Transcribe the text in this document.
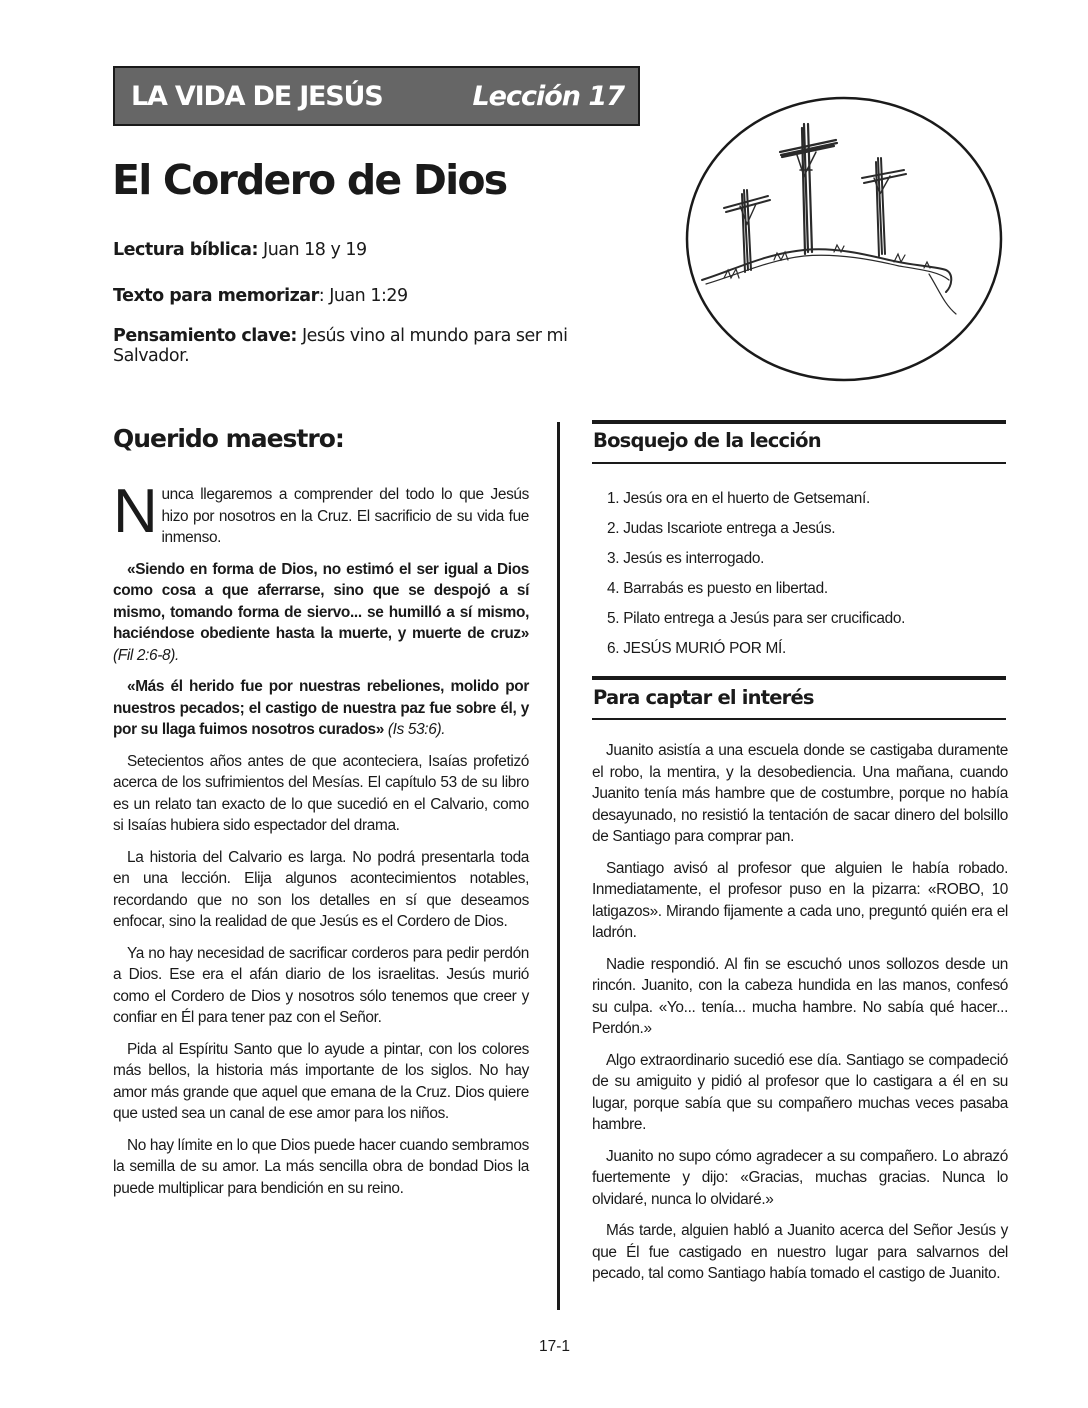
LA VIDA DE JESÚS	Lección 17
El Cordero de Dios

Lectura bíblica: Juan 18 y 19

Texto para memorizar: Juan 1:29

Pensamiento clave: Jesús vino al mundo para ser mi Salvador.

Querido maestro:

Nunca llegaremos a comprender del todo lo que Jesús hizo por nosotros en la Cruz. El sacrificio de su vida fue inmenso.

«Siendo en forma de Dios, no estimó el ser igual a Dios como cosa a que aferrarse, sino que se despojó a sí mismo, tomando forma de siervo... se humilló a sí mismo, haciéndose obediente hasta la muerte, y muerte de cruz» (Fil 2:6-8).

«Más él herido fue por nuestras rebeliones, molido por nuestros pecados; el castigo de nuestra paz fue sobre él, y por su llaga fuimos nosotros curados» (Is 53:6).

Setecientos años antes de que aconteciera, Isaías profetizó acerca de los sufrimientos del Mesías. El capítulo 53 de su libro es un relato tan exacto de lo que sucedió en el Calvario, como si Isaías hubiera sido espectador del drama.

La historia del Calvario es larga. No podrá presentarla toda en una lección. Elija algunos acontecimientos notables, recordando que no son los detalles en sí que deseamos enfocar, sino la realidad de que Jesús es el Cordero de Dios.

Ya no hay necesidad de sacrificar corderos para pedir perdón a Dios. Ese era el afán diario de los israelitas. Jesús murió como el Cordero de Dios y nosotros sólo tenemos que creer y confiar en Él para tener paz con el Señor.

Pida al Espíritu Santo que lo ayude a pintar, con los colores más bellos, la historia más importante de los siglos. No hay amor más grande que aquel que emana de la Cruz. Dios quiere que usted sea un canal de ese amor para los niños.

No hay límite en lo que Dios puede hacer cuando sembramos la semilla de su amor. La más sencilla obra de bondad Dios la puede multiplicar para bendición en su reino.

Bosquejo de la lección
1. Jesús ora en el huerto de Getsemaní.
2. Judas Iscariote entrega a Jesús.
3. Jesús es interrogado.
4. Barrabás es puesto en libertad.
5. Pilato entrega a Jesús para ser crucificado.
6. JESÚS MURIÓ POR MÍ.
Para captar el interés

Juanito asistía a una escuela donde se castigaba duramente el robo, la mentira, y la desobediencia. Una mañana, cuando Juanito tenía más hambre que de costumbre, porque no había desayunado, no resistió la tentación de sacar dinero del bolsillo de Santiago para comprar pan.

Santiago avisó al profesor que alguien le había robado. Inmediatamente, el profesor puso en la pizarra: «ROBO, 10 latigazos». Mirando fijamente a cada uno, preguntó quién era el ladrón.

Nadie respondió. Al fin se escuchó unos sollozos desde un rincón. Juanito, con la cabeza hundida en las manos, confesó su culpa. «Yo... tenía... mucha hambre. No sabía qué hacer... Perdón.»

Algo extraordinario sucedió ese día. Santiago se compadeció de su amiguito y pidió al profesor que lo castigara a él en su lugar, porque sabía que su compañero muchas veces pasaba hambre.

Juanito no supo cómo agradecer a su compañero. Lo abrazó fuertemente y dijo: «Gracias, muchas gracias. Nunca lo olvidaré, nunca lo olvidaré.»

Más tarde, alguien habló a Juanito acerca del Señor Jesús y que Él fue castigado en nuestro lugar para salvarnos del pecado, tal como Santiago había tomado el castigo de Juanito.

17-1
